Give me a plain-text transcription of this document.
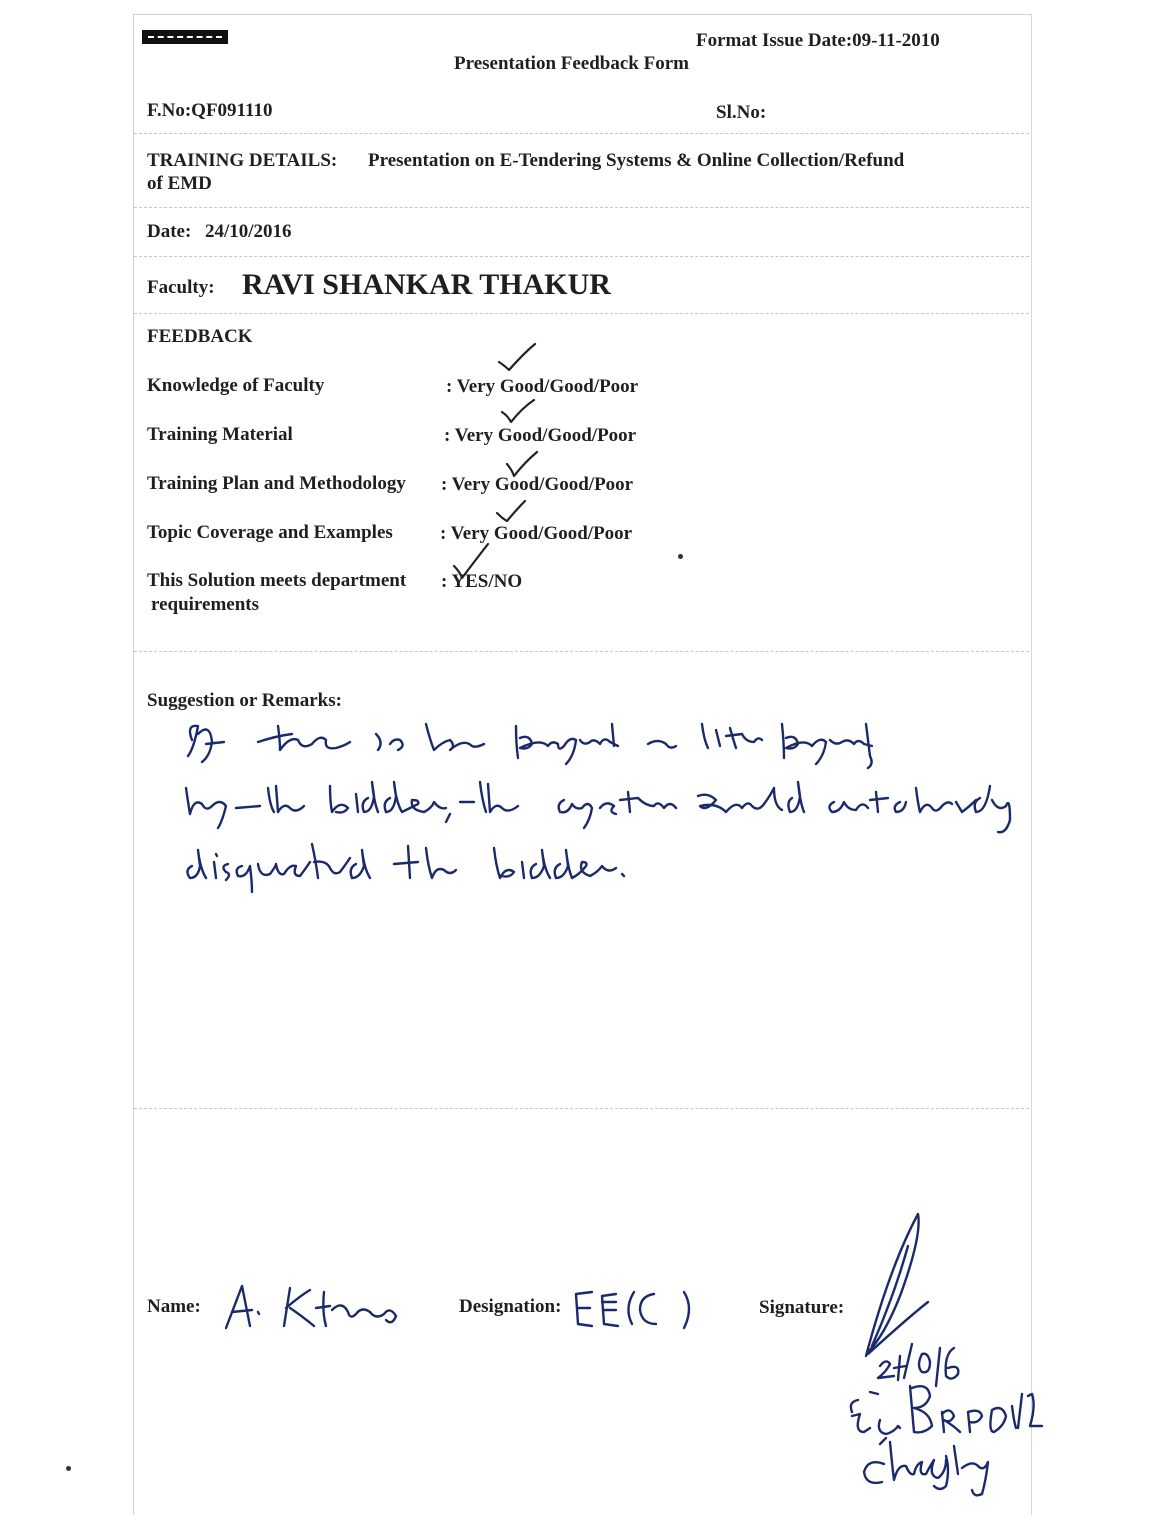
Format Issue Date:09-11-2010
Presentation Feedback Form
F.No:QF091110	Sl.No:
TRAINING DETAILS: Presentation on E-Tendering Systems & Online Collection/Refund
of EMD
Date: 24/10/2016
Faculty: RAVI SHANKAR THAKUR
FEEDBACK
Knowledge of Faculty	: Very Good/Good/Poor
Training Material	: Very Good/Good/Poor
Training Plan and Methodology : Very Good/Good/Poor
Topic Coverage and Examples : Very Good/Good/Poor
This Solution meets department
requirements
: YES/NO
Suggestion or Remarks:
Name:	Designation:	Signature:
